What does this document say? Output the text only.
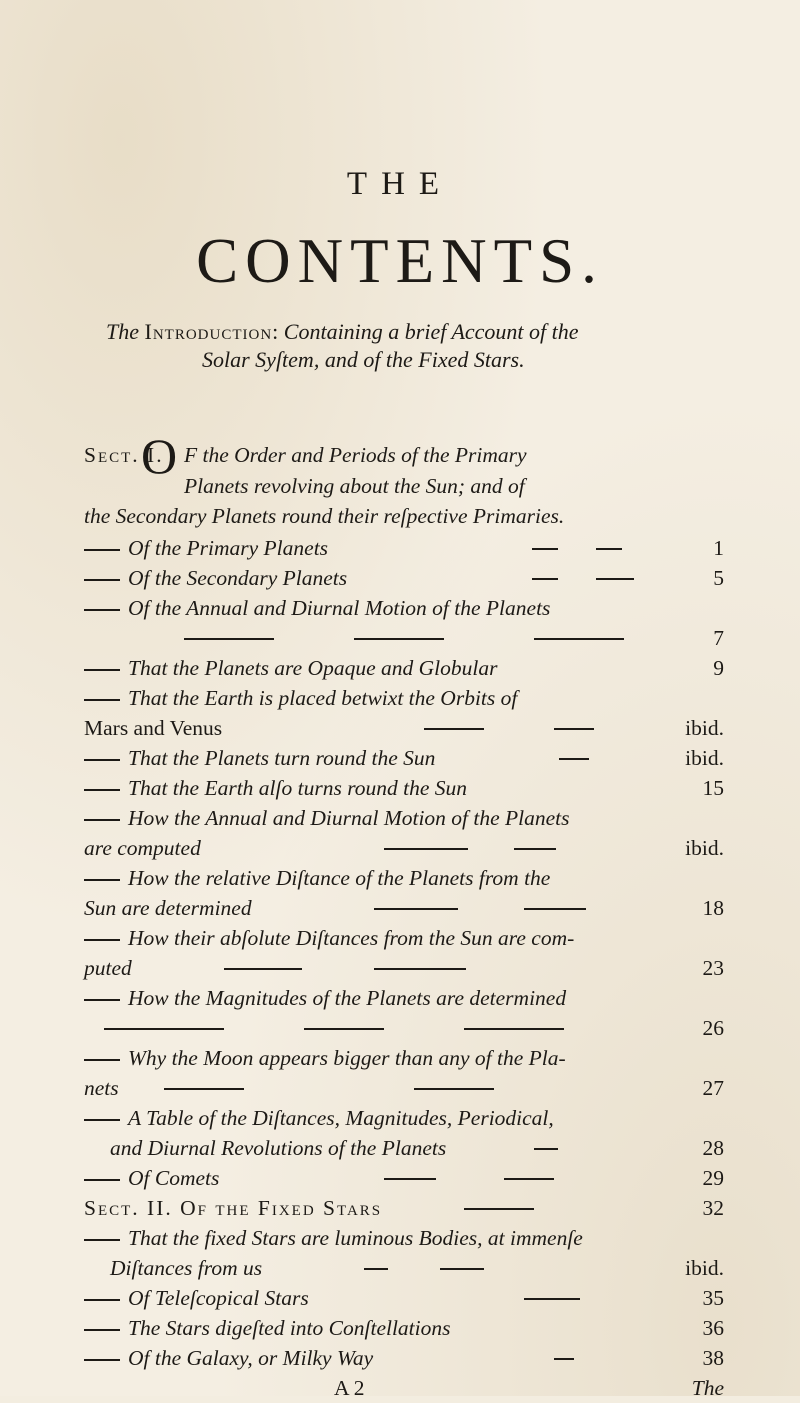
THE
CONTENTS.
The Introduction: Containing a brief Account of the
Solar Syſtem, and of the Fixed Stars.
Sect. I.
O F the Order and Periods of the Primary
Planets revolving about the Sun; and of
the Secondary Planets round their reſpective Primaries.
Of the Primary Planets	1
Of the Secondary Planets	5
Of the Annual and Diurnal Motion of the Planets
7
That the Planets are Opaque and Globular	9
That the Earth is placed betwixt the Orbits of
Mars and Venus	ibid.
That the Planets turn round the Sun	ibid.
That the Earth alſo turns round the Sun	15
How the Annual and Diurnal Motion of the Planets
are computed	ibid.
How the relative Diſtance of the Planets from the
Sun are determined	18
How their abſolute Diſtances from the Sun are com-
puted	23
How the Magnitudes of the Planets are determined
26
Why the Moon appears bigger than any of the Pla-
nets	27
A Table of the Diſtances, Magnitudes, Periodical,
and Diurnal Revolutions of the Planets	28
Of Comets	29
Sect. II. Of the Fixed Stars	32
That the fixed Stars are luminous Bodies, at immenſe
Diſtances from us	ibid.
Of Teleſcopical Stars	35
The Stars digeſted into Conſtellations	36
Of the Galaxy, or Milky Way	38
A 2	The
